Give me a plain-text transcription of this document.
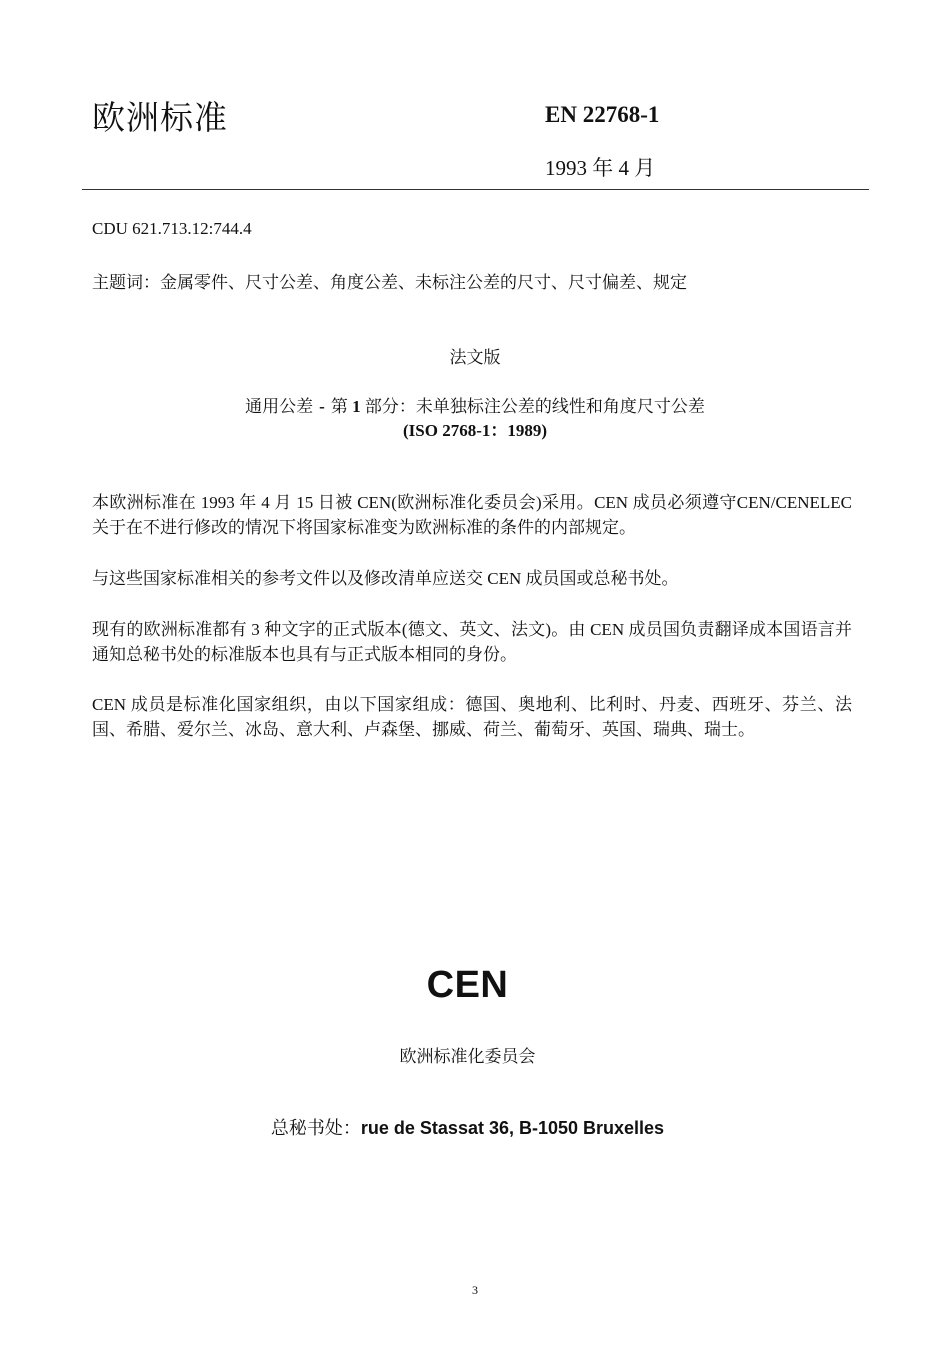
欧洲标准	EN 22768-1
1993 年 4 月
CDU 621.713.12:744.4
主题词：金属零件、尺寸公差、角度公差、未标注公差的尺寸、尺寸偏差、规定
法文版
通用公差 - 第 1 部分：未单独标注公差的线性和角度尺寸公差
(ISO 2768-1：1989)
本欧洲标准在 1993 年 4 月 15 日被 CEN(欧洲标准化委员会)采用。CEN 成员必须遵守CEN/CENELEC 关于在不进行修改的情况下将国家标准变为欧洲标准的条件的内部规定。
与这些国家标准相关的参考文件以及修改清单应送交 CEN 成员国或总秘书处。
现有的欧洲标准都有 3 种文字的正式版本(德文、英文、法文)。由 CEN 成员国负责翻译成本国语言并通知总秘书处的标准版本也具有与正式版本相同的身份。
CEN 成员是标准化国家组织，由以下国家组成：德国、奥地利、比利时、丹麦、西班牙、芬兰、法国、希腊、爱尔兰、冰岛、意大利、卢森堡、挪威、荷兰、葡萄牙、英国、瑞典、瑞士。
CEN
欧洲标准化委员会
总秘书处：rue de Stassat 36, B-1050 Bruxelles
3
